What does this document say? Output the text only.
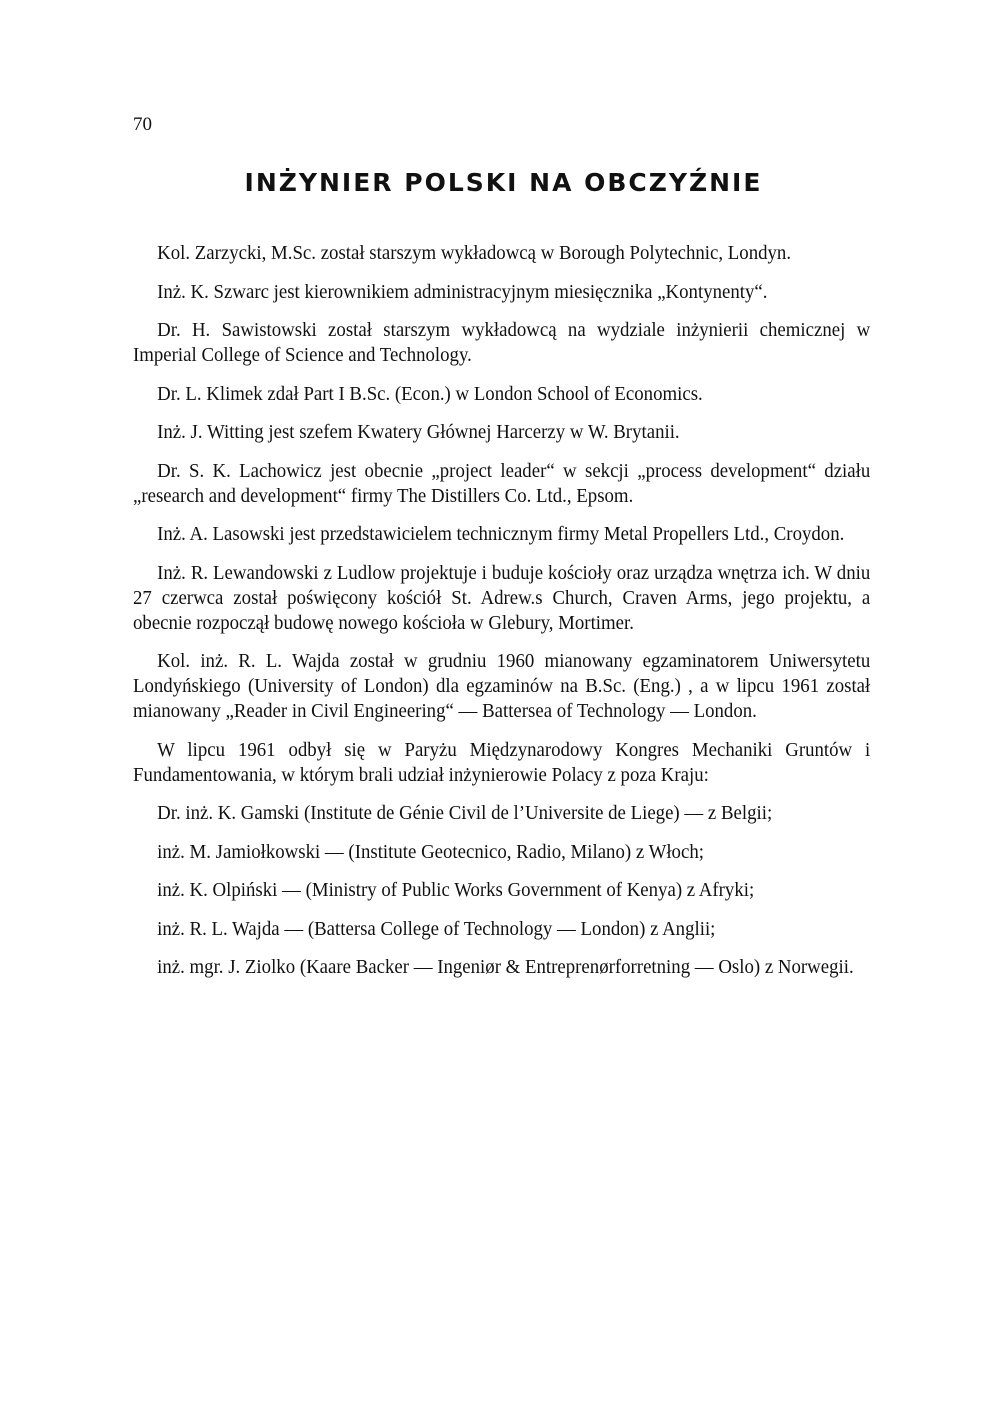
70

INŻYNIER POLSKI NA OBCZYŹNIE

Kol. Zarzycki, M.Sc. został starszym wykładowcą w Borough Polytechnic, Londyn.

Inż. K. Szwarc jest kierownikiem administracyjnym miesięcznika „Kontynenty“.

Dr. H. Sawistowski został starszym wykładowcą na wydziale inżynierii chemicznej w Imperial College of Science and Technology.

Dr. L. Klimek zdał Part I B.Sc. (Econ.) w London School of Economics.

Inż. J. Witting jest szefem Kwatery Głównej Harcerzy w W. Brytanii.

Dr. S. K. Lachowicz jest obecnie „project leader“ w sekcji „process development“ działu „research and development“ firmy The Distillers Co. Ltd., Epsom.

Inż. A. Lasowski jest przedstawicielem technicznym firmy Metal Propellers Ltd., Croydon.

Inż. R. Lewandowski z Ludlow projektuje i buduje kościoły oraz urządza wnętrza ich. W dniu 27 czerwca został poświęcony kościół St. Adrew.s Church, Craven Arms, jego projektu, a obecnie rozpoczął budowę nowego kościoła w Glebury, Mortimer.

Kol. inż. R. L. Wajda został w grudniu 1960 mianowany egzaminatorem Uniwersytetu Londyńskiego (University of London) dla egzaminów na B.Sc. (Eng.) , a w lipcu 1961 został mianowany „Reader in Civil Engineering“ — Battersea of Technology — London.

W lipcu 1961 odbył się w Paryżu Międzynarodowy Kongres Mechaniki Gruntów i Fundamentowania, w którym brali udział inżynierowie Polacy z poza Kraju:

Dr. inż. K. Gamski (Institute de Génie Civil de l’Universite de Liege) — z Belgii;

inż. M. Jamiołkowski — (Institute Geotecnico, Radio, Milano) z Włoch;

inż. K. Olpiński — (Ministry of Public Works Government of Kenya) z Afryki;

inż. R. L. Wajda — (Battersa College of Technology — London) z Anglii;

inż. mgr. J. Ziolko (Kaare Backer — Ingeniør & Entreprenørforretning — Oslo) z Norwegii.
